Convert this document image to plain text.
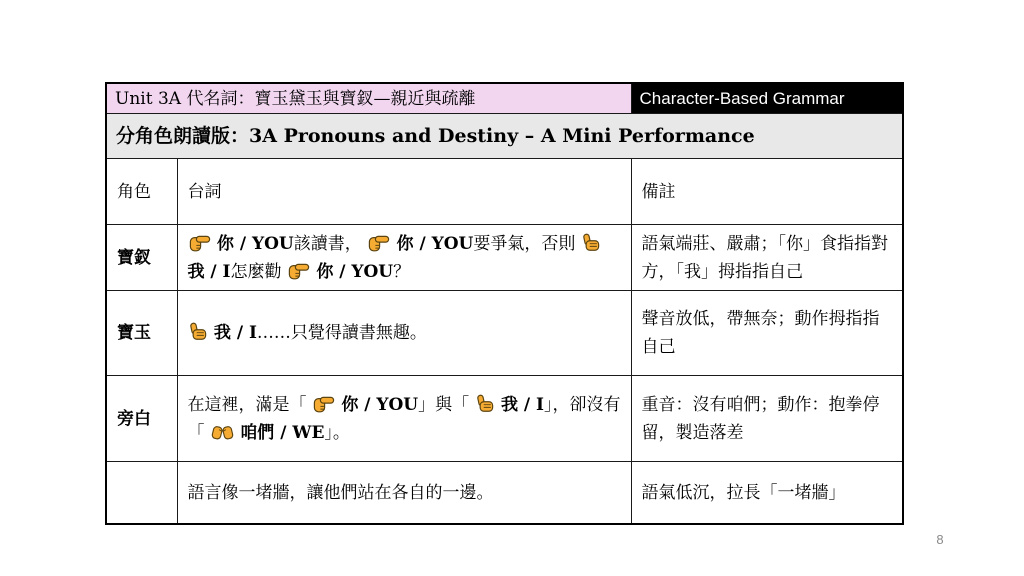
Unit 3A 代名詞：寶玉黛玉與寶釵—親近與疏離		Character-Based Grammar
分角色朗讀版：3A Pronouns and Destiny – A Mini Performance		
角色	台詞	備註
寶釵	你 / YOU該讀書， 你 / YOU要爭氣，否則  我 / I怎麼勸 你 / YOU？	語氣端莊、嚴肅；「你」食指指對方，「我」拇指指自己
寶玉	我 / I……只覺得讀書無趣。	聲音放低，帶無奈；動作拇指指自己
旁白	在這裡，滿是「 你 / YOU」與「 我 / I」，卻沒有「 咱們 / WE」。	重音：沒有咱們；動作：抱拳停留，製造落差
	語言像一堵牆，讓他們站在各自的一邊。	語氣低沉，拉長「一堵牆」
8
